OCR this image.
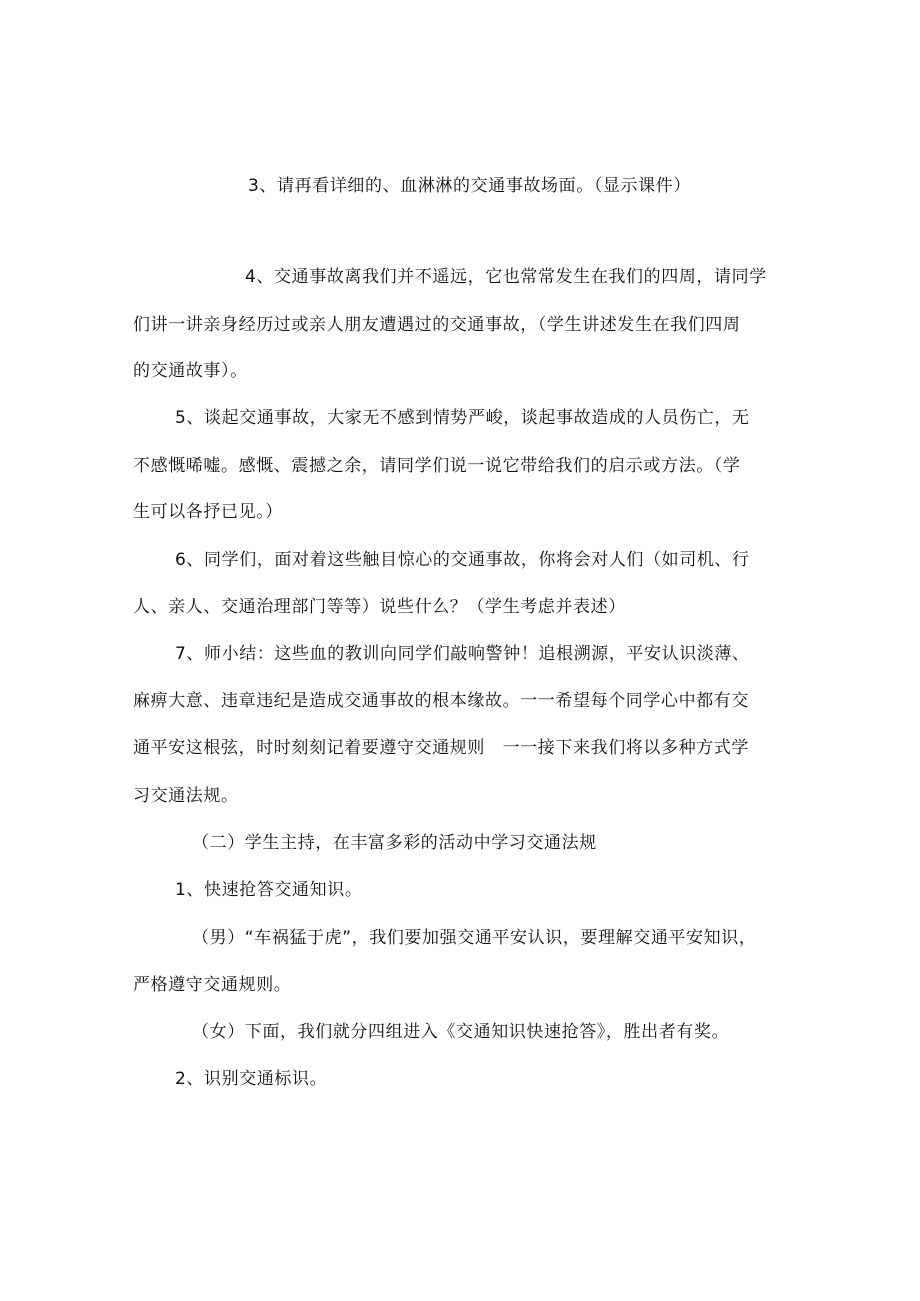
3、请再看详细的、血淋淋的交通事故场面。（显示课件）
4、交通事故离我们并不遥远，它也常常发生在我们的四周，请同学
们讲一讲亲身经历过或亲人朋友遭遇过的交通事故，（学生讲述发生在我们四周
的交通故事）。
5、谈起交通事故，大家无不感到情势严峻，谈起事故造成的人员伤亡，无
不感慨唏嘘。感慨、震撼之余，请同学们说一说它带给我们的启示或方法。（学
生可以各抒已见。）
6、同学们，面对着这些触目惊心的交通事故，你将会对人们（如司机、行
人、亲人、交通治理部门等等）说些什么？（学生考虑并表述）
7、师小结：这些血的教训向同学们敲响警钟！追根溯源，平安认识淡薄、
麻痹大意、违章违纪是造成交通事故的根本缘故。一一希望每个同学心中都有交
通平安这根弦，时时刻刻记着要遵守交通规则　一一接下来我们将以多种方式学
习交通法规。
（二）学生主持，在丰富多彩的活动中学习交通法规
1、快速抢答交通知识。
（男）“车祸猛于虎”，我们要加强交通平安认识，要理解交通平安知识，
严格遵守交通规则。
（女）下面，我们就分四组进入《交通知识快速抢答》，胜出者有奖。
2、识别交通标识。
